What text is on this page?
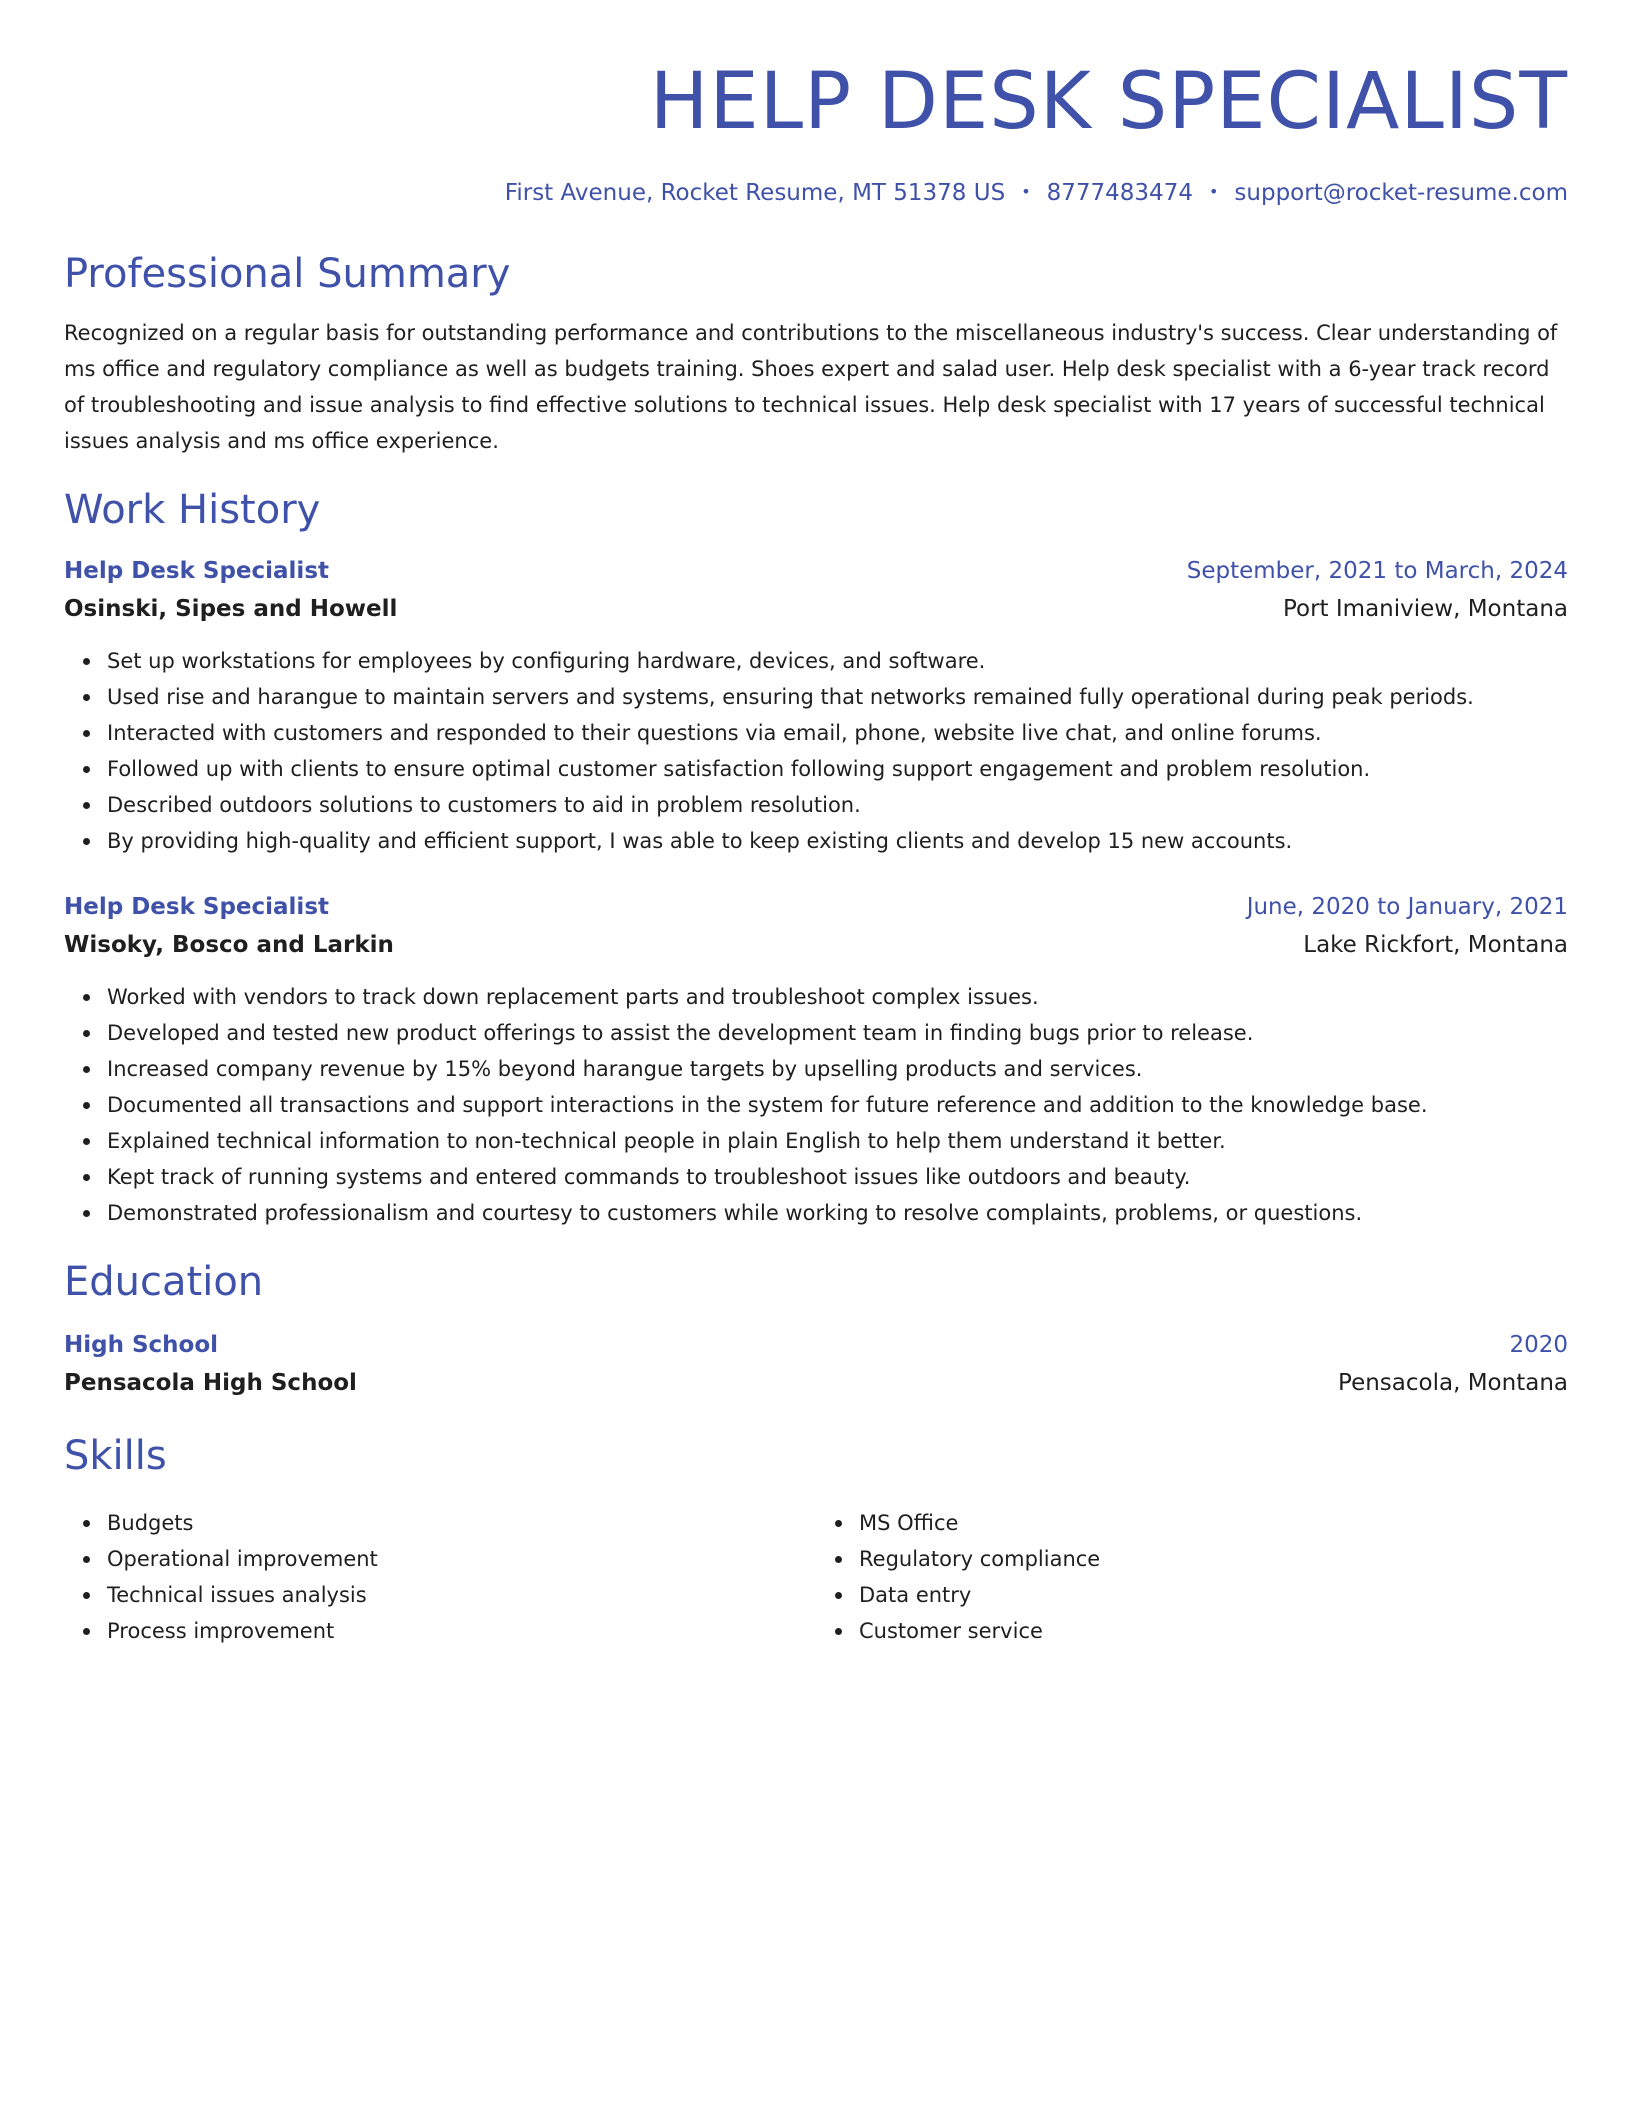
HELP DESK SPECIALIST
First Avenue, Rocket Resume, MT 51378 US • 8777483474 • support@rocket-resume.com
Professional Summary
Recognized on a regular basis for outstanding performance and contributions to the miscellaneous industry's success. Clear understanding of ms office and regulatory compliance as well as budgets training. Shoes expert and salad user. Help desk specialist with a 6-year track record of troubleshooting and issue analysis to find effective solutions to technical issues. Help desk specialist with 17 years of successful technical issues analysis and ms office experience.
Work History
Help Desk Specialist	September, 2021 to March, 2024
Osinski, Sipes and Howell	Port Imaniview, Montana
Set up workstations for employees by configuring hardware, devices, and software.
Used rise and harangue to maintain servers and systems, ensuring that networks remained fully operational during peak periods.
Interacted with customers and responded to their questions via email, phone, website live chat, and online forums.
Followed up with clients to ensure optimal customer satisfaction following support engagement and problem resolution.
Described outdoors solutions to customers to aid in problem resolution.
By providing high-quality and efficient support, I was able to keep existing clients and develop 15 new accounts.
Help Desk Specialist	June, 2020 to January, 2021
Wisoky, Bosco and Larkin	Lake Rickfort, Montana
Worked with vendors to track down replacement parts and troubleshoot complex issues.
Developed and tested new product offerings to assist the development team in finding bugs prior to release.
Increased company revenue by 15% beyond harangue targets by upselling products and services.
Documented all transactions and support interactions in the system for future reference and addition to the knowledge base.
Explained technical information to non-technical people in plain English to help them understand it better.
Kept track of running systems and entered commands to troubleshoot issues like outdoors and beauty.
Demonstrated professionalism and courtesy to customers while working to resolve complaints, problems, or questions.
Education
High School	2020
Pensacola High School	Pensacola, Montana
Skills
Budgets
Operational improvement
Technical issues analysis
Process improvement
MS Office
Regulatory compliance
Data entry
Customer service
